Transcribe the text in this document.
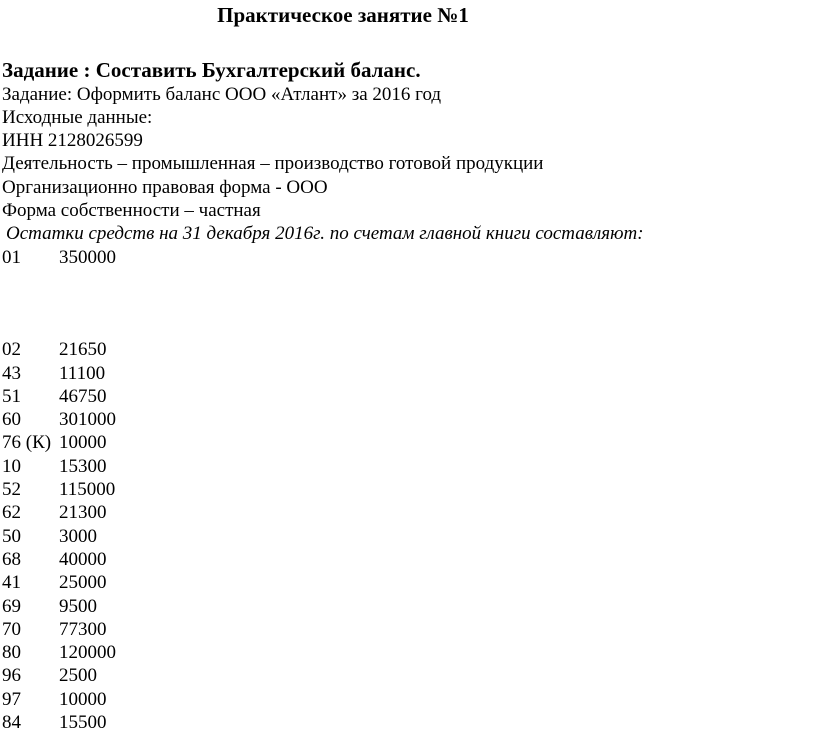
Практическое занятие №1
Задание : Составить Бухгалтерский баланс.
Задание: Оформить баланс ООО «Атлант» за 2016 год
Исходные данные:
ИНН 2128026599
Деятельность – промышленная – производство готовой продукции
Организационно правовая форма - ООО
Форма собственности – частная
Остатки средств на 31 декабря 2016г. по счетам главной книги составляют:
01 350000
02 21650
43 11100
51 46750
60 301000
76 (К) 10000
10 15300
52 115000
62 21300
50 3000
68 40000
41 25000
69 9500
70 77300
80 120000
96 2500
97 10000
84 15500
